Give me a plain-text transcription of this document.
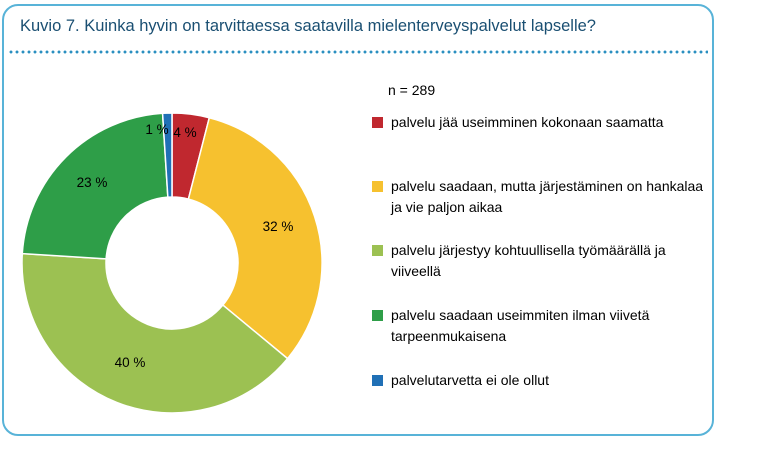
Kuvio 7. Kuinka hyvin on tarvittaessa saatavilla mielenterveyspalvelut lapselle?
4 %
32 %
40 %
23 %
1 %
n = 289
palvelu jää useimminen kokonaan saamatta
palvelu saadaan, mutta järjestäminen on hankalaa ja vie paljon aikaa
palvelu järjestyy kohtuullisella työmäärällä ja viiveellä
palvelu saadaan useimmiten ilman viivetä tarpeenmukaisena
palvelutarvetta ei ole ollut
